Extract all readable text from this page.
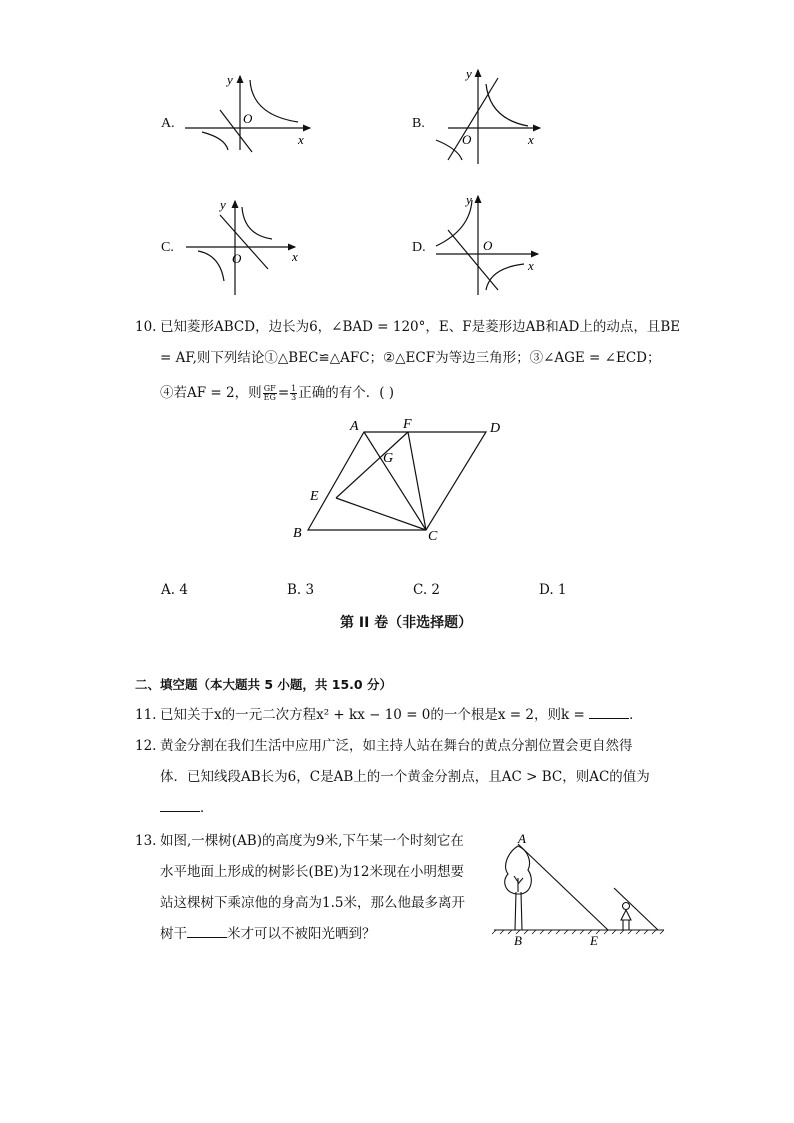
A.
y
O
x
B.
y
O	x
C.
y
O	x
D.
y
O
x
10. 已知菱形ABCD，边长为6，∠BAD = 120°，E、F是菱形边AB和AD上的动点，且BE
= AF,则下列结论①△BEC≌△AFC；②△ECF为等边三角形；③∠AGE = ∠ECD；
④若AF = 2，则 $\frac{GF}{EG} = \frac{1}{3}$ 正确的有个．( )
A	F	D
G
E
B	C
A. 4	B. 3	C. 2	D. 1
第 II 卷（非选择题）
二、填空题（本大题共 5 小题，共 15.0 分）
11. 已知关于x的一元二次方程x² + kx − 10 = 0的一个根是x = 2，则k =	．
12. 黄金分割在我们生活中应用广泛，如主持人站在舞台的黄点分割位置会更自然得
体．已知线段AB长为6，C是AB上的一个黄金分割点，且AC > BC，则AC的值为
．
13. 如图,一棵树(AB)的高度为9米,下午某一个时刻它在
水平地面上形成的树影长(BE)为12米现在小明想要
站这棵树下乘凉他的身高为1.5米，那么他最多离开
树干	米才可以不被阳光晒到？
A
B	E
